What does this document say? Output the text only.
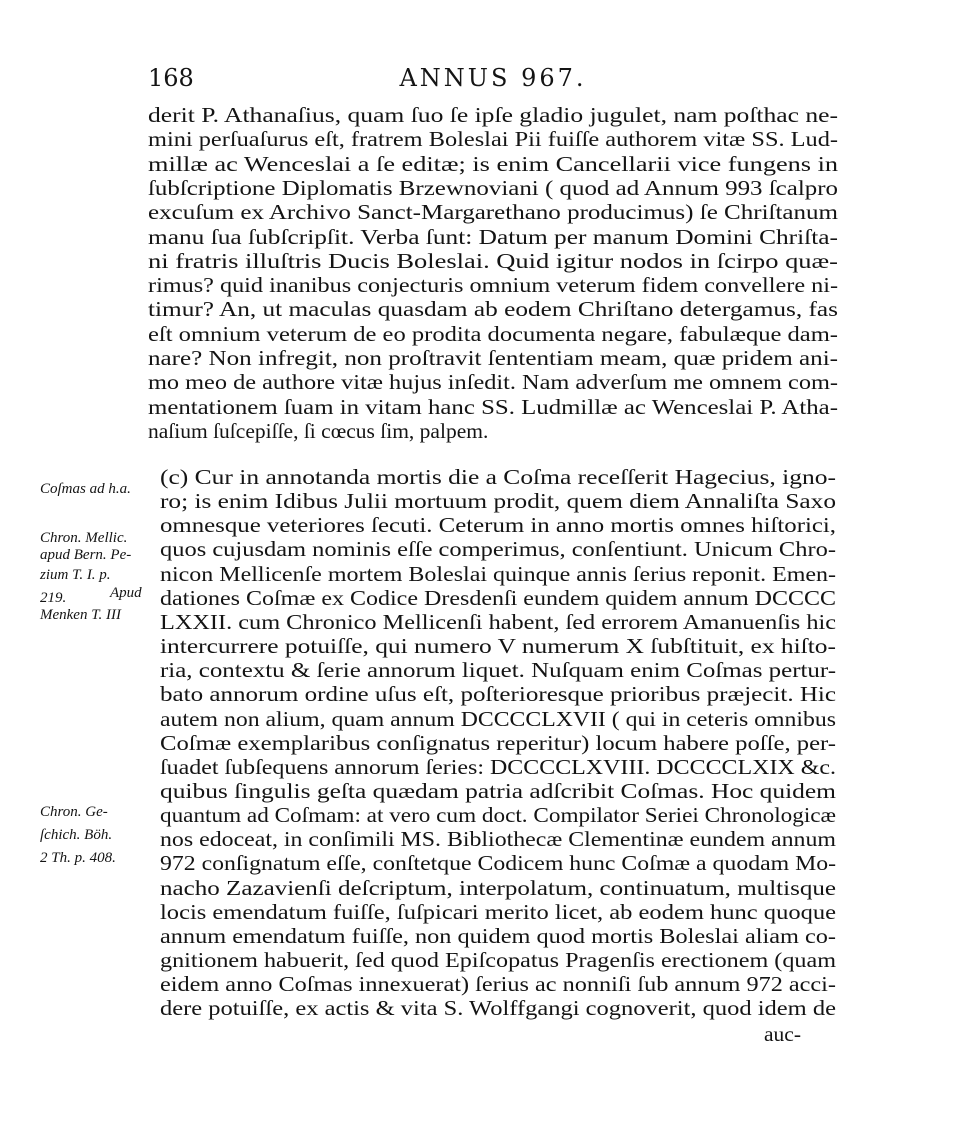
168	ANNUS 967.
derit P. Athanaſius, quam ſuo ſe ipſe gladio jugulet, nam poſthac ne-
mini perſuaſurus eſt, fratrem Boleslai Pii fuiſſe authorem vitæ SS. Lud-
millæ ac Wenceslai a ſe editæ; is enim Cancellarii vice fungens in
ſubſcriptione Diplomatis Brzewnoviani ( quod ad Annum 993 ſcalpro
excuſum ex Archivo Sanct-Margarethano producimus) ſe Chriſtanum
manu ſua ſubſcripſit. Verba ſunt: Datum per manum Domini Chriſta-
ni fratris illuſtris Ducis Boleslai. Quid igitur nodos in ſcirpo quæ-
rimus? quid inanibus conjecturis omnium veterum fidem convellere ni-
timur? An, ut maculas quasdam ab eodem Chriſtano detergamus, fas
eſt omnium veterum de eo prodita documenta negare, fabulæque dam-
nare? Non infregit, non proſtravit ſententiam meam, quæ pridem ani-
mo meo de authore vitæ hujus inſedit. Nam adverſum me omnem com-
mentationem ſuam in vitam hanc SS. Ludmillæ ac Wenceslai P. Atha-
naſium ſuſcepiſſe, ſi cœcus ſim, palpem.
(c) Cur in annotanda mortis die a Coſma receſſerit Hagecius, igno-
ro; is enim Idibus Julii mortuum prodit, quem diem Annaliſta Saxo
omnesque veteriores ſecuti. Ceterum in anno mortis omnes hiſtorici,
quos cujusdam nominis eſſe comperimus, conſentiunt. Unicum Chro-
nicon Mellicenſe mortem Boleslai quinque annis ſerius reponit. Emen-
dationes Coſmæ ex Codice Dresdenſi eundem quidem annum DCCCC
LXXII. cum Chronico Mellicenſi habent, ſed errorem Amanuenſis hic
intercurrere potuiſſe, qui numero V numerum X ſubſtituit, ex hiſto-
ria, contextu & ſerie annorum liquet. Nuſquam enim Coſmas pertur-
bato annorum ordine uſus eſt, poſterioresque prioribus præjecit. Hic
autem non alium, quam annum DCCCCLXVII ( qui in ceteris omnibus
Coſmæ exemplaribus conſignatus reperitur) locum habere poſſe, per-
ſuadet ſubſequens annorum ſeries: DCCCCLXVIII. DCCCCLXIX &c.
quibus ſingulis geſta quædam patria adſcribit Coſmas. Hoc quidem
quantum ad Coſmam: at vero cum doct. Compilator Seriei Chronologicæ
nos edoceat, in conſimili MS. Bibliothecæ Clementinæ eundem annum
972 conſignatum eſſe, conſtetque Codicem hunc Coſmæ a quodam Mo-
nacho Zazavienſi deſcriptum, interpolatum, continuatum, multisque
locis emendatum fuiſſe, ſuſpicari merito licet, ab eodem hunc quoque
annum emendatum fuiſſe, non quidem quod mortis Boleslai aliam co-
gnitionem habuerit, ſed quod Epiſcopatus Pragenſis erectionem (quam
eidem anno Coſmas innexuerat) ſerius ac nonniſi ſub annum 972 acci-
dere potuiſſe, ex actis & vita S. Wolffgangi cognoverit, quod idem de
Coſmas ad h.a.
Chron. Mellic.
apud Bern. Pe-
zium T. I. p.
219.	Apud
Menken T. III
Chron. Ge-
ſchich. Böh.
2 Th. p. 408.
auc-
